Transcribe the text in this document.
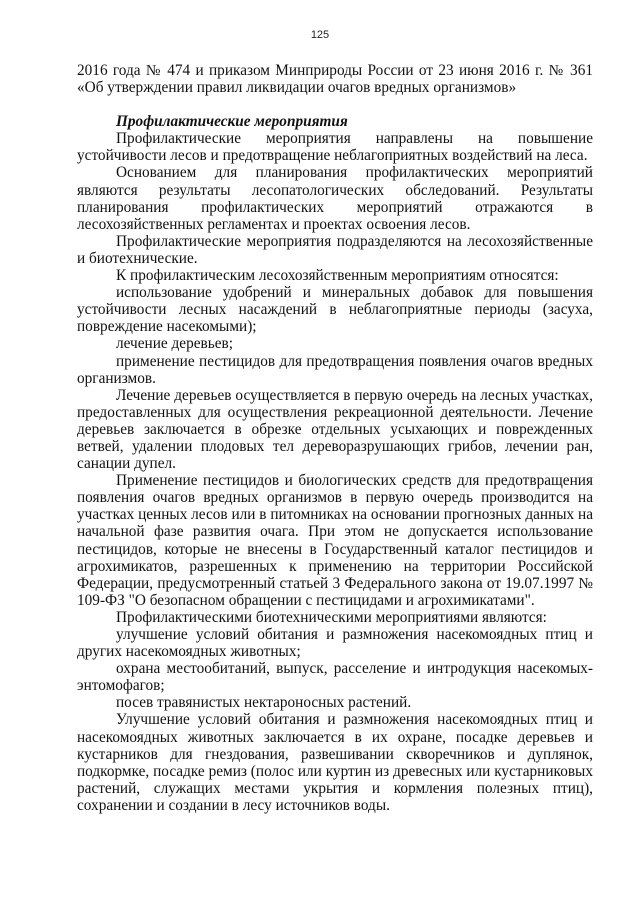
125

2016 года № 474 и приказом Минприроды России от 23 июня 2016 г. № 361 «Об утверждении правил ликвидации очагов вредных организмов»

Профилактические мероприятия

Профилактические мероприятия направлены на повышение устойчивости лесов и предотвращение неблагоприятных воздействий на леса.

Основанием для планирования профилактических мероприятий являются результаты лесопатологических обследований. Результаты планирования профилактических мероприятий отражаются в лесохозяйственных регламентах и проектах освоения лесов.

Профилактические мероприятия подразделяются на лесохозяйственные и биотехнические.

К профилактическим лесохозяйственным мероприятиям относятся:

использование удобрений и минеральных добавок для повышения устойчивости лесных насаждений в неблагоприятные периоды (засуха, повреждение насекомыми);

лечение деревьев;

применение пестицидов для предотвращения появления очагов вредных организмов.

Лечение деревьев осуществляется в первую очередь на лесных участках, предоставленных для осуществления рекреационной деятельности. Лечение деревьев заключается в обрезке отдельных усыхающих и поврежденных ветвей, удалении плодовых тел дереворазрушающих грибов, лечении ран, санации дупел.

Применение пестицидов и биологических средств для предотвращения появления очагов вредных организмов в первую очередь производится на участках ценных лесов или в питомниках на основании прогнозных данных на начальной фазе развития очага. При этом не допускается использование пестицидов, которые не внесены в Государственный каталог пестицидов и агрохимикатов, разрешенных к применению на территории Российской Федерации, предусмотренный статьей 3 Федерального закона от 19.07.1997 № 109-ФЗ "О безопасном обращении с пестицидами и агрохимикатами".

Профилактическими биотехническими мероприятиями являются:

улучшение условий обитания и размножения насекомоядных птиц и других насекомоядных животных;

охрана местообитаний, выпуск, расселение и интродукция насекомых-энтомофагов;

посев травянистых нектароносных растений.

Улучшение условий обитания и размножения насекомоядных птиц и насекомоядных животных заключается в их охране, посадке деревьев и кустарников для гнездования, развешивании скворечников и дуплянок, подкормке, посадке ремиз (полос или куртин из древесных или кустарниковых растений, служащих местами укрытия и кормления полезных птиц), сохранении и создании в лесу источников воды.
